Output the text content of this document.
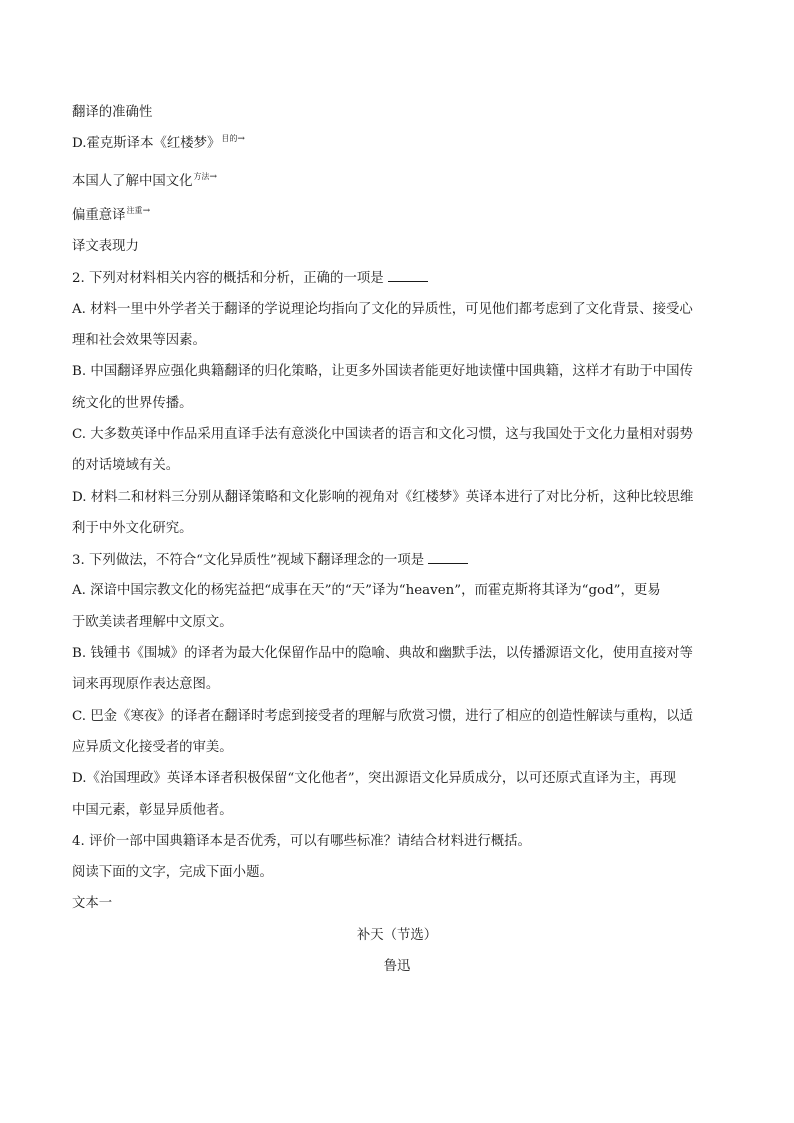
翻译的准确性
D.霍克斯译本《红楼梦》$^{目的\to}$
本国人了解中国文化$^{方法\to}$
偏重意译$^{注重\to}$
译文表现力
2. 下列对材料相关内容的概括和分析，正确的一项是
A. 材料一里中外学者关于翻译的学说理论均指向了文化的异质性，可见他们都考虑到了文化背景、接受心
理和社会效果等因素。
B. 中国翻译界应强化典籍翻译的归化策略，让更多外国读者能更好地读懂中国典籍，这样才有助于中国传
统文化的世界传播。
C. 大多数英译中作品采用直译手法有意淡化中国读者的语言和文化习惯，这与我国处于文化力量相对弱势
的对话境域有关。
D. 材料二和材料三分别从翻译策略和文化影响的视角对《红楼梦》英译本进行了对比分析，这种比较思维
利于中外文化研究。
3. 下列做法，不符合“文化异质性”视域下翻译理念的一项是
A. 深谙中国宗教文化的杨宪益把“成事在天”的“天”译为“heaven”，而霍克斯将其译为“god”，更易
于欧美读者理解中文原文。
B. 钱锺书《围城》的译者为最大化保留作品中的隐喻、典故和幽默手法，以传播源语文化，使用直接对等
词来再现原作表达意图。
C. 巴金《寒夜》的译者在翻译时考虑到接受者的理解与欣赏习惯，进行了相应的创造性解读与重构，以适
应异质文化接受者的审美。
D.《治国理政》英译本译者积极保留“文化他者”，突出源语文化异质成分，以可还原式直译为主，再现
中国元素，彰显异质他者。
4. 评价一部中国典籍译本是否优秀，可以有哪些标准？请结合材料进行概括。
阅读下面的文字，完成下面小题。
文本一
补天（节选）
鲁迅
